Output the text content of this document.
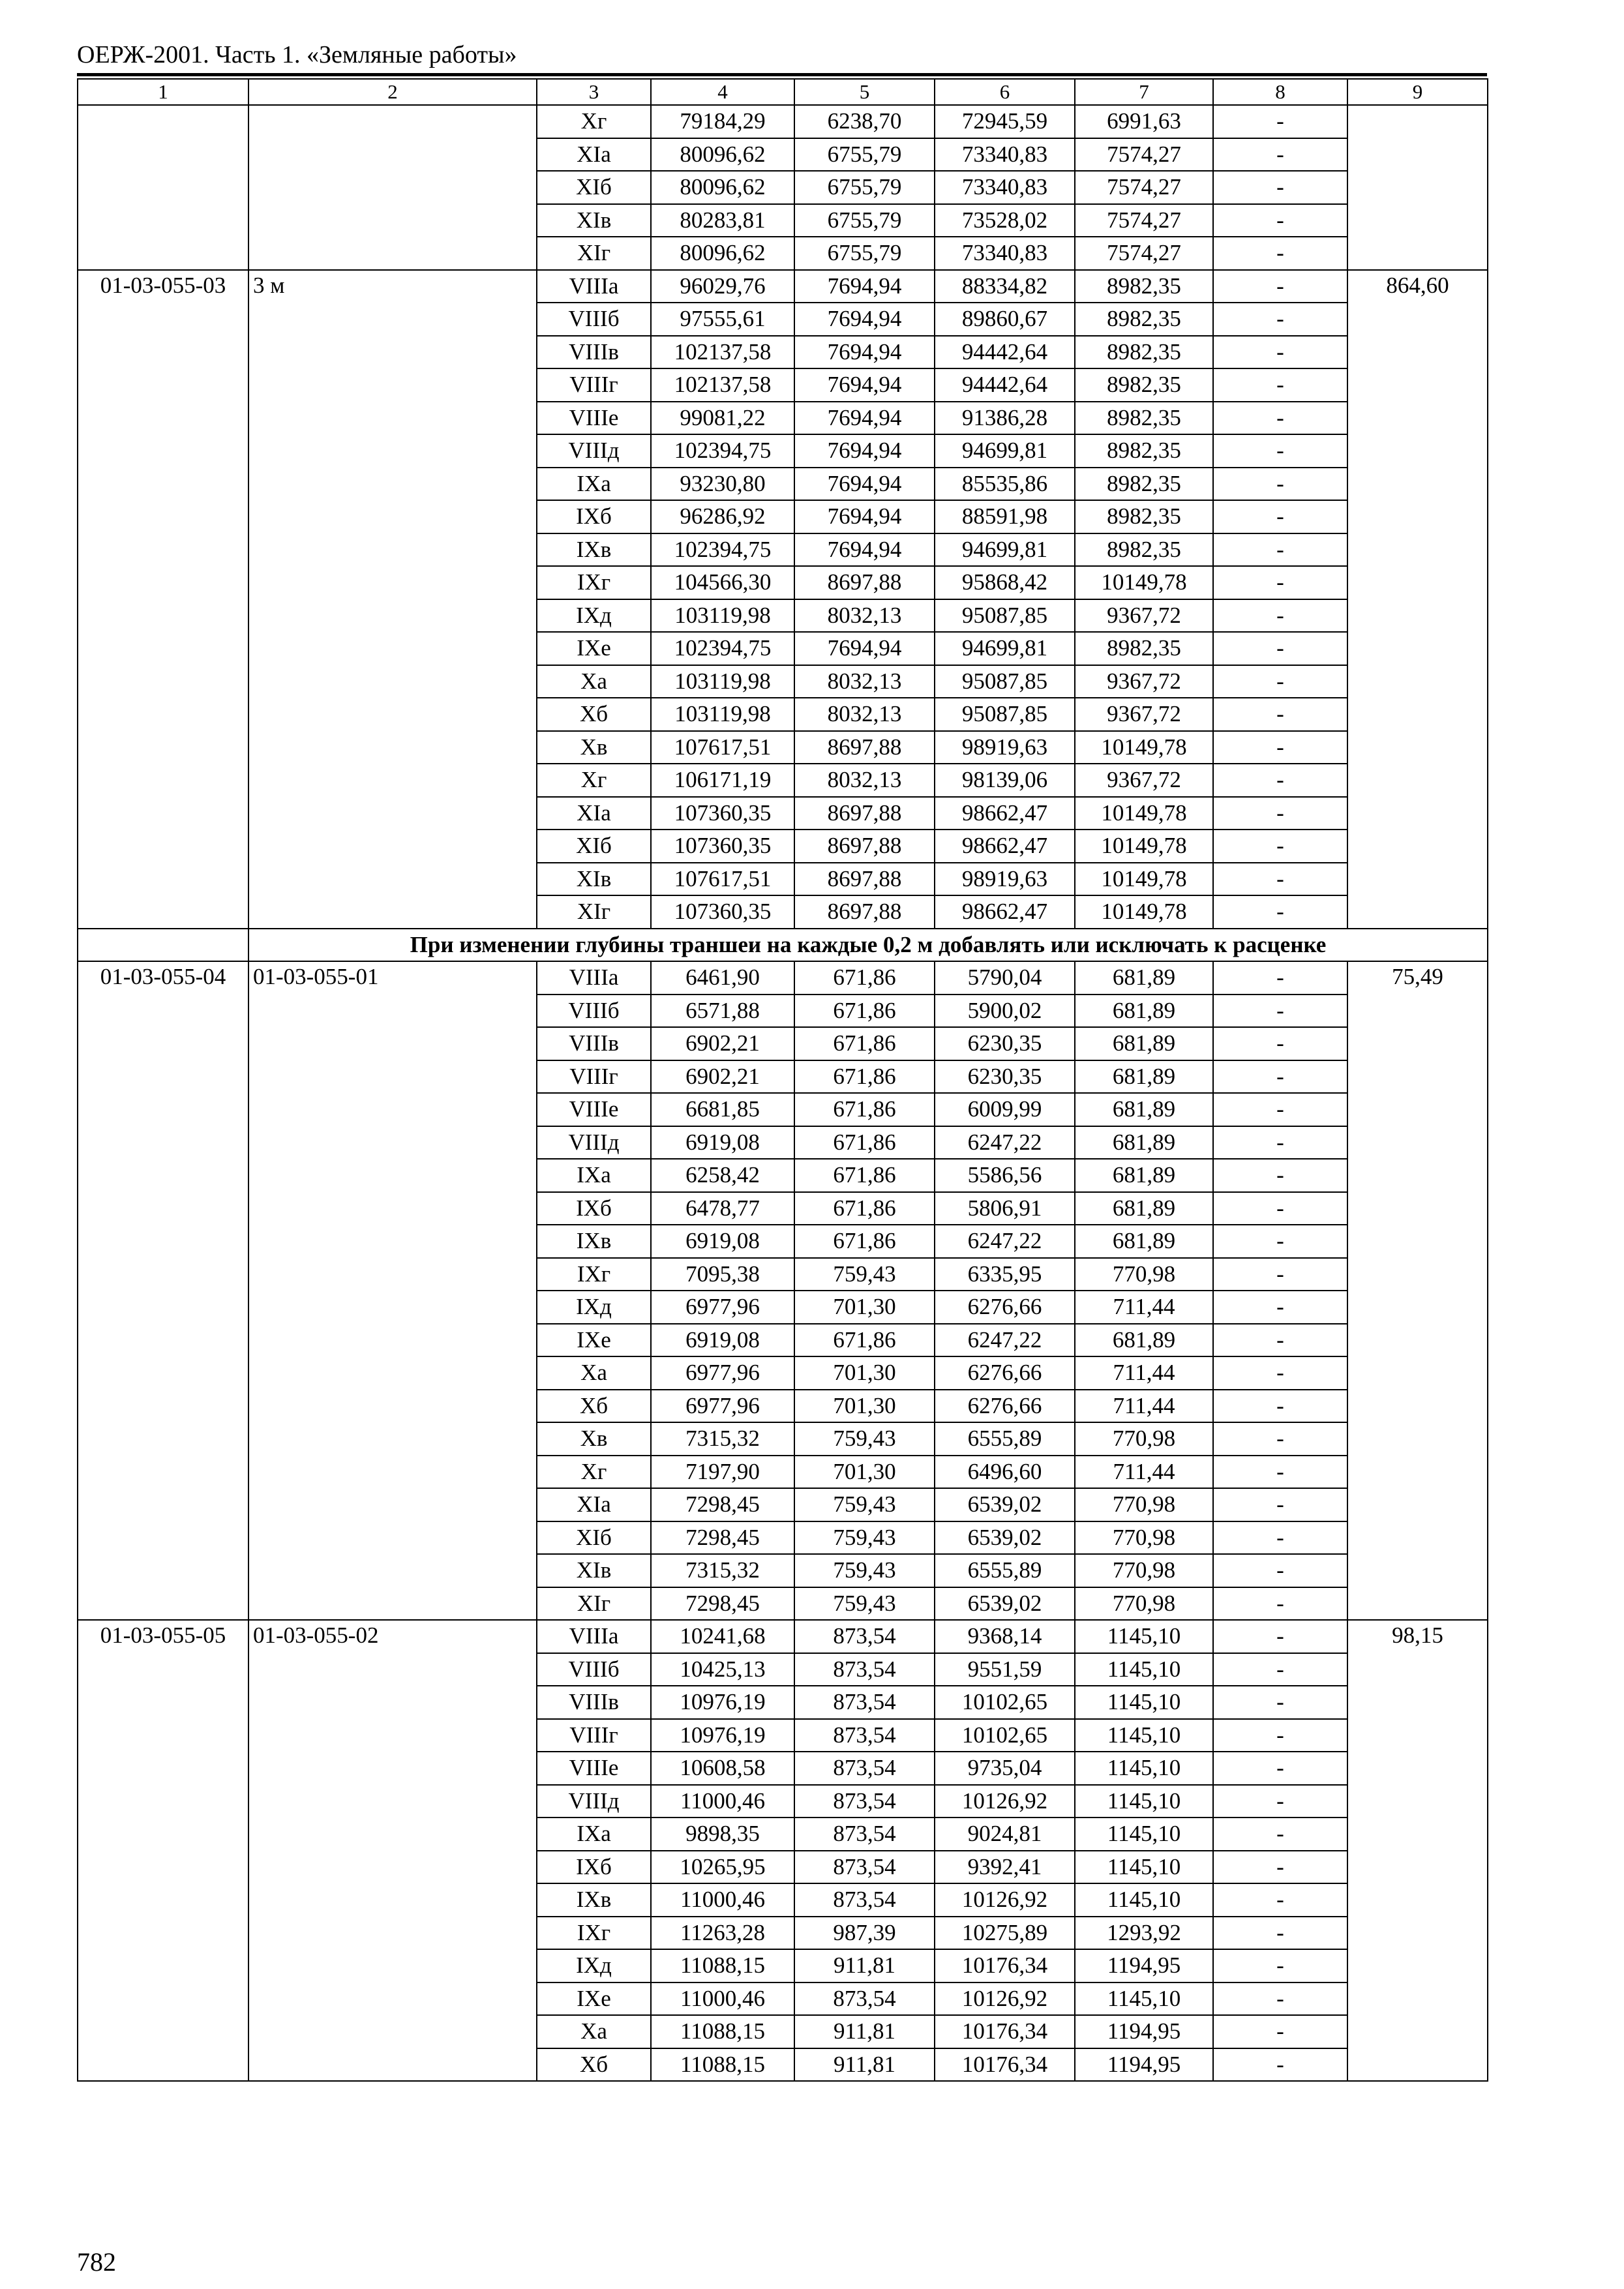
ОЕРЖ-2001. Часть 1. «Земляные работы»
1	2	3	4	5	6	7	8	9
		Xг	79184,29	6238,70	72945,59	6991,63	-	
		XIа	80096,62	6755,79	73340,83	7574,27	-	
		XIб	80096,62	6755,79	73340,83	7574,27	-	
		XIв	80283,81	6755,79	73528,02	7574,27	-	
		XIг	80096,62	6755,79	73340,83	7574,27	-	
01-03-055-03	3 м	VIIIа	96029,76	7694,94	88334,82	8982,35	-	864,60
		VIIIб	97555,61	7694,94	89860,67	8982,35	-	
		VIIIв	102137,58	7694,94	94442,64	8982,35	-	
		VIIIг	102137,58	7694,94	94442,64	8982,35	-	
		VIIIе	99081,22	7694,94	91386,28	8982,35	-	
		VIIIд	102394,75	7694,94	94699,81	8982,35	-	
		IXа	93230,80	7694,94	85535,86	8982,35	-	
		IXб	96286,92	7694,94	88591,98	8982,35	-	
		IXв	102394,75	7694,94	94699,81	8982,35	-	
		IXг	104566,30	8697,88	95868,42	10149,78	-	
		IXд	103119,98	8032,13	95087,85	9367,72	-	
		IXе	102394,75	7694,94	94699,81	8982,35	-	
		Xа	103119,98	8032,13	95087,85	9367,72	-	
		Xб	103119,98	8032,13	95087,85	9367,72	-	
		Xв	107617,51	8697,88	98919,63	10149,78	-	
		Xг	106171,19	8032,13	98139,06	9367,72	-	
		XIа	107360,35	8697,88	98662,47	10149,78	-	
		XIб	107360,35	8697,88	98662,47	10149,78	-	
		XIв	107617,51	8697,88	98919,63	10149,78	-	
		XIг	107360,35	8697,88	98662,47	10149,78	-	
	При изменении глубины траншеи на каждые 0,2 м добавлять или исключать к расценке							
01-03-055-04	01-03-055-01	VIIIа	6461,90	671,86	5790,04	681,89	-	75,49
		VIIIб	6571,88	671,86	5900,02	681,89	-	
		VIIIв	6902,21	671,86	6230,35	681,89	-	
		VIIIг	6902,21	671,86	6230,35	681,89	-	
		VIIIе	6681,85	671,86	6009,99	681,89	-	
		VIIIд	6919,08	671,86	6247,22	681,89	-	
		IXа	6258,42	671,86	5586,56	681,89	-	
		IXб	6478,77	671,86	5806,91	681,89	-	
		IXв	6919,08	671,86	6247,22	681,89	-	
		IXг	7095,38	759,43	6335,95	770,98	-	
		IXд	6977,96	701,30	6276,66	711,44	-	
		IXе	6919,08	671,86	6247,22	681,89	-	
		Xа	6977,96	701,30	6276,66	711,44	-	
		Xб	6977,96	701,30	6276,66	711,44	-	
		Xв	7315,32	759,43	6555,89	770,98	-	
		Xг	7197,90	701,30	6496,60	711,44	-	
		XIа	7298,45	759,43	6539,02	770,98	-	
		XIб	7298,45	759,43	6539,02	770,98	-	
		XIв	7315,32	759,43	6555,89	770,98	-	
		XIг	7298,45	759,43	6539,02	770,98	-	
01-03-055-05	01-03-055-02	VIIIа	10241,68	873,54	9368,14	1145,10	-	98,15
		VIIIб	10425,13	873,54	9551,59	1145,10	-	
		VIIIв	10976,19	873,54	10102,65	1145,10	-	
		VIIIг	10976,19	873,54	10102,65	1145,10	-	
		VIIIе	10608,58	873,54	9735,04	1145,10	-	
		VIIIд	11000,46	873,54	10126,92	1145,10	-	
		IXа	9898,35	873,54	9024,81	1145,10	-	
		IXб	10265,95	873,54	9392,41	1145,10	-	
		IXв	11000,46	873,54	10126,92	1145,10	-	
		IXг	11263,28	987,39	10275,89	1293,92	-	
		IXд	11088,15	911,81	10176,34	1194,95	-	
		IXе	11000,46	873,54	10126,92	1145,10	-	
		Xа	11088,15	911,81	10176,34	1194,95	-	
		Xб	11088,15	911,81	10176,34	1194,95	-	
782
